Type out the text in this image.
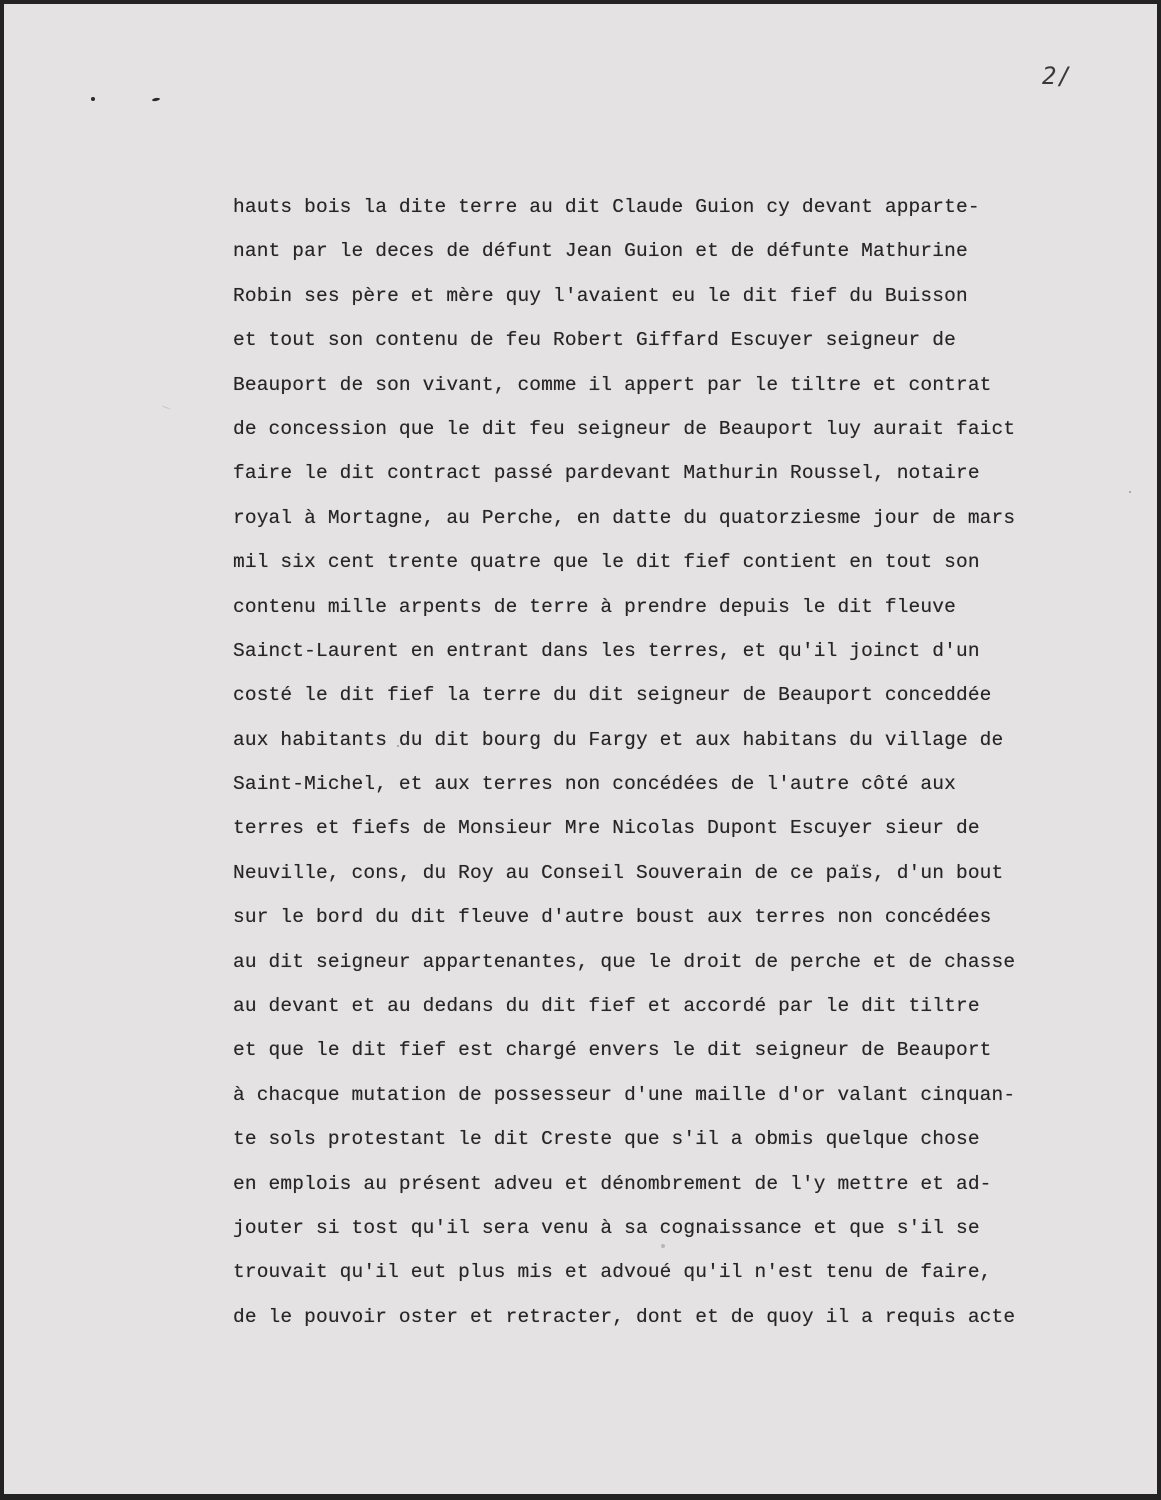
2/
hauts bois la dite terre au dit Claude Guion cy devant apparte-
nant par le deces de défunt Jean Guion et de défunte Mathurine
Robin ses père et mère quy l'avaient eu le dit fief du Buisson
et tout son contenu de feu Robert Giffard Escuyer seigneur de
Beauport de son vivant, comme il appert par le tiltre et contrat
de concession que le dit feu seigneur de Beauport luy aurait faict
faire le dit contract passé pardevant Mathurin Roussel, notaire
royal à Mortagne, au Perche, en datte du quatorziesme jour de mars
mil six cent trente quatre que le dit fief contient en tout son
contenu mille arpents de terre à prendre depuis le dit fleuve
Sainct-Laurent en entrant dans les terres, et qu'il joinct d'un
costé le dit fief la terre du dit seigneur de Beauport conceddée
aux habitants du dit bourg du Fargy et aux habitans du village de
Saint-Michel, et aux terres non concédées de l'autre côté aux
terres et fiefs de Monsieur Mre Nicolas Dupont Escuyer sieur de
Neuville, cons, du Roy au Conseil Souverain de ce païs, d'un bout
sur le bord du dit fleuve d'autre boust aux terres non concédées
au dit seigneur appartenantes, que le droit de perche et de chasse
au devant et au dedans du dit fief et accordé par le dit tiltre
et que le dit fief est chargé envers le dit seigneur de Beauport
à chacque mutation de possesseur d'une maille d'or valant cinquan-
te sols protestant le dit Creste que s'il a obmis quelque chose
en emplois au présent adveu et dénombrement de l'y mettre et ad-
jouter si tost qu'il sera venu à sa cognaissance et que s'il se
trouvait qu'il eut plus mis et advoué qu'il n'est tenu de faire,
de le pouvoir oster et retracter, dont et de quoy il a requis acte
